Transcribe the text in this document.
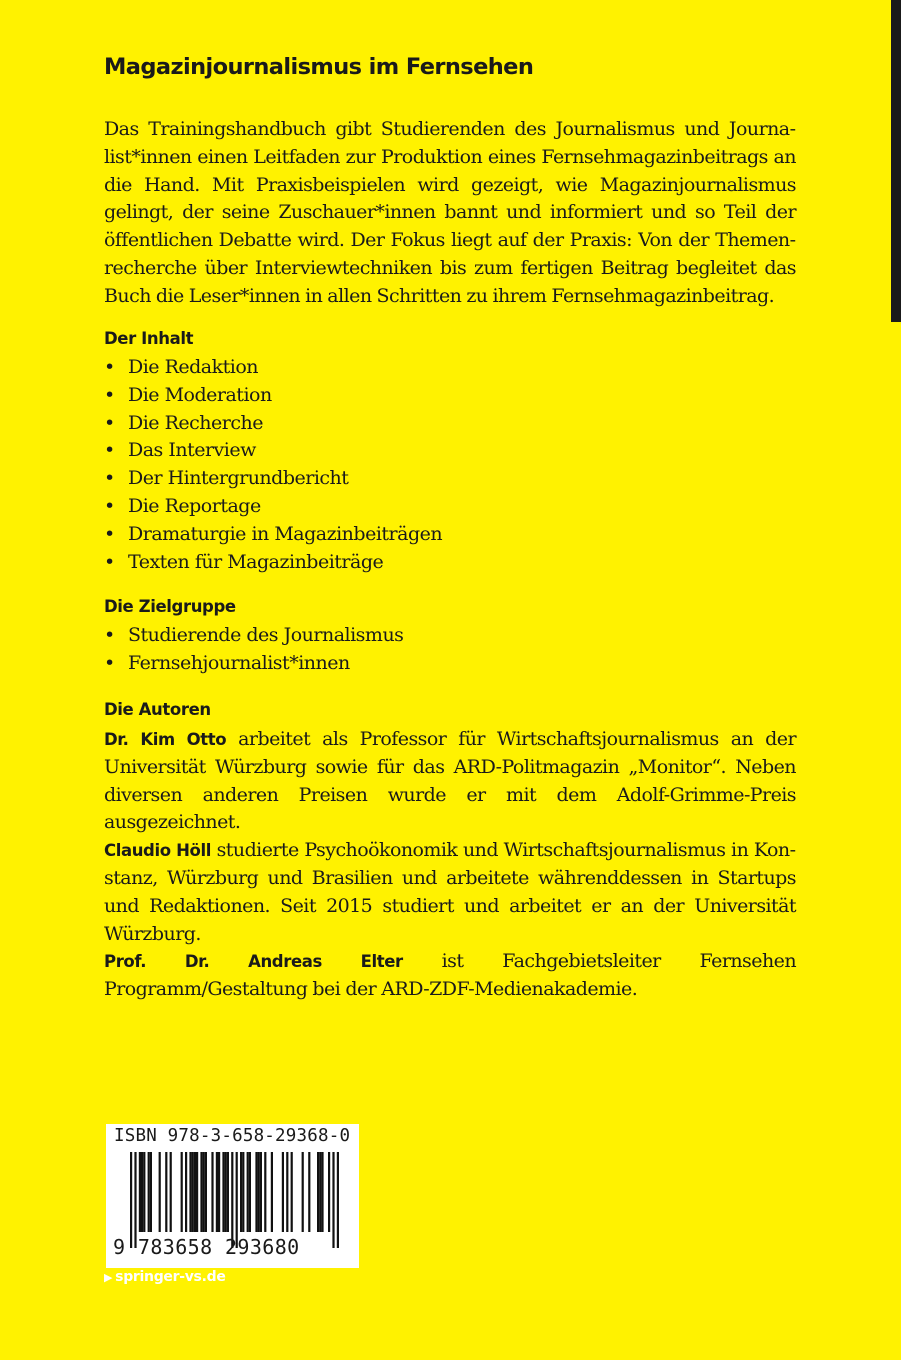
Magazinjournalismus im Fernsehen
Das Trainingshandbuch gibt Studierenden des Journalismus und Journalist*innen einen Leitfaden zur Produktion eines Fernsehmagazinbeitrags an die Hand. Mit Praxisbeispielen wird gezeigt, wie Magazinjournalismus gelingt, der seine Zuschauer*innen bannt und informiert und so Teil der öffentlichen Debatte wird. Der Fokus liegt auf der Praxis: Von der Themenrecherche über Interviewtechniken bis zum fertigen Beitrag begleitet das Buch die Leser*innen in allen Schritten zu ihrem Fernsehmagazinbeitrag.
Der Inhalt
• Die Redaktion
• Die Moderation
• Die Recherche
• Das Interview
• Der Hintergrundbericht
• Die Reportage
• Dramaturgie in Magazinbeiträgen
• Texten für Magazinbeiträge
Die Zielgruppe
• Studierende des Journalismus
• Fernsehjournalist*innen
Die Autoren

Dr. Kim Otto arbeitet als Professor für Wirtschaftsjournalismus an der Universität Würzburg sowie für das ARD-Politmagazin „Monitor“. Neben diversen anderen Preisen wurde er mit dem Adolf-Grimme-Preis ausgezeichnet.

Claudio Höll studierte Psychoökonomik und Wirtschaftsjournalismus in Konstanz, Würzburg und Brasilien und arbeitete währenddessen in Startups und Redaktionen. Seit 2015 studiert und arbeitet er an der Universität Würzburg.

Prof. Dr. Andreas Elter ist Fachgebietsleiter Fernsehen Programm/Gestaltung bei der ARD-ZDF-Medienakademie.

ISBN 978-3-658-29368-0
9 783658 293680
▶ springer-vs.de
